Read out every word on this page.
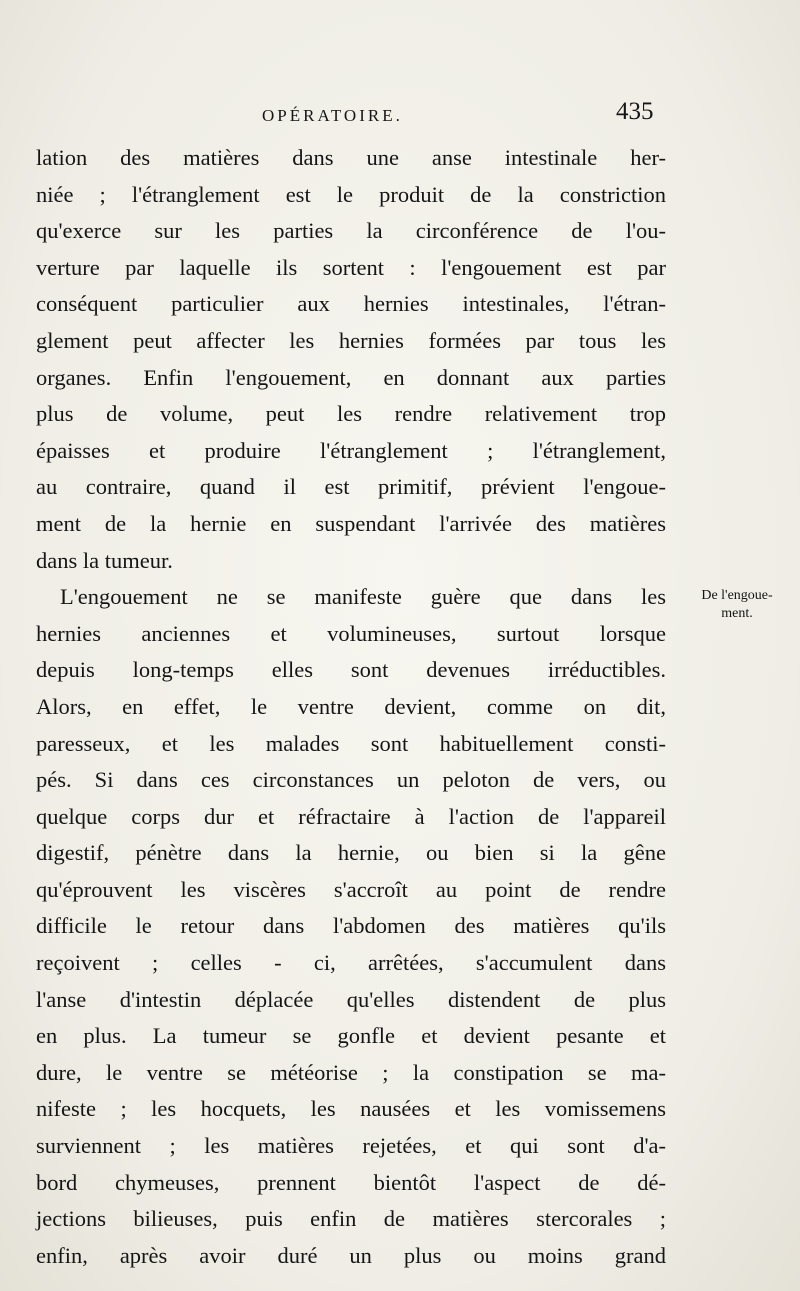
OPÉRATOIRE.	435
lation des matières dans une anse intestinale her-
niée ; l'étranglement est le produit de la constriction
qu'exerce sur les parties la circonférence de l'ou-
verture par laquelle ils sortent : l'engouement est par
conséquent particulier aux hernies intestinales, l'étran-
glement peut affecter les hernies formées par tous les
organes. Enfin l'engouement, en donnant aux parties
plus de volume, peut les rendre relativement trop
épaisses et produire l'étranglement ; l'étranglement,
au contraire, quand il est primitif, prévient l'engoue-
ment de la hernie en suspendant l'arrivée des matières
dans la tumeur.
L'engouement ne se manifeste guère que dans les
hernies anciennes et volumineuses, surtout lorsque
depuis long-temps elles sont devenues irréductibles.
Alors, en effet, le ventre devient, comme on dit,
paresseux, et les malades sont habituellement consti-
pés. Si dans ces circonstances un peloton de vers, ou
quelque corps dur et réfractaire à l'action de l'appareil
digestif, pénètre dans la hernie, ou bien si la gêne
qu'éprouvent les viscères s'accroît au point de rendre
difficile le retour dans l'abdomen des matières qu'ils
reçoivent ; celles - ci, arrêtées, s'accumulent dans
l'anse d'intestin déplacée qu'elles distendent de plus
en plus. La tumeur se gonfle et devient pesante et
dure, le ventre se météorise ; la constipation se ma-
nifeste ; les hocquets, les nausées et les vomissemens
surviennent ; les matières rejetées, et qui sont d'a-
bord chymeuses, prennent bientôt l'aspect de dé-
jections bilieuses, puis enfin de matières stercorales ;
enfin, après avoir duré un plus ou moins grand
De l'engoue-
ment.
